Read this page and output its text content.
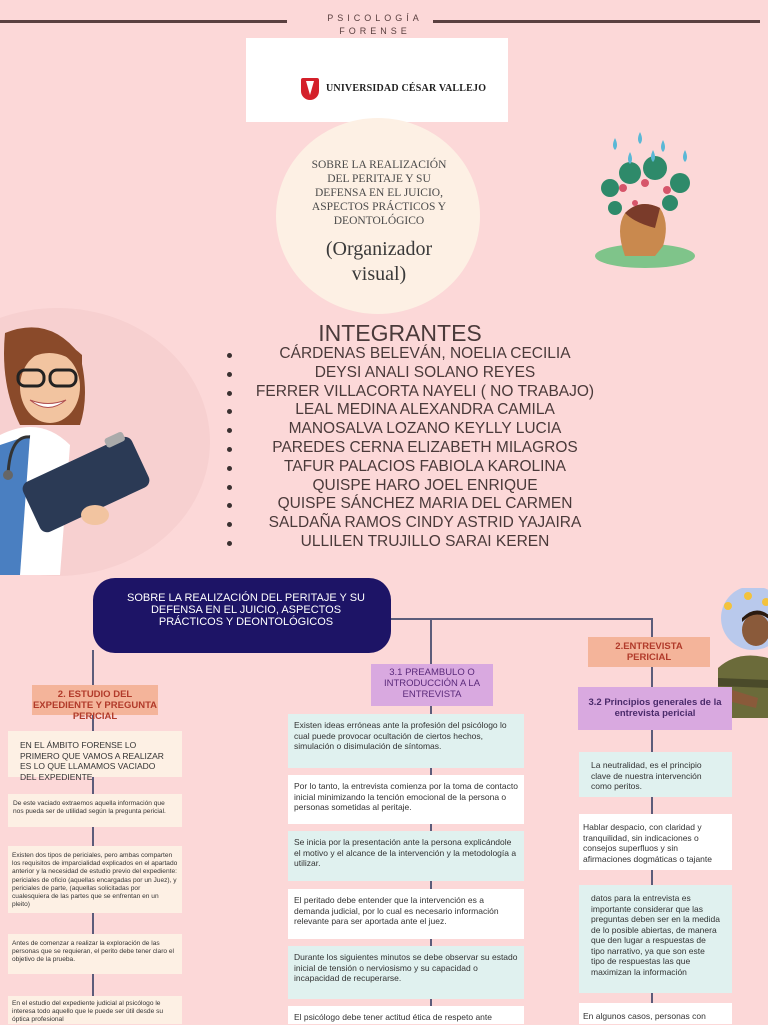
PSICOLOGÍA FORENSE
UNIVERSIDAD CÉSAR VALLEJO
SOBRE LA REALIZACIÓN DEL PERITAJE Y SU DEFENSA EN EL JUICIO, ASPECTOS PRÁCTICOS Y DEONTOLÓGICO
(Organizador visual)
INTEGRANTES
CÁRDENAS BELEVÁN, NOELIA CECILIA
DEYSI ANALI SOLANO REYES
FERRER VILLACORTA NAYELI ( NO TRABAJO)
LEAL MEDINA ALEXANDRA CAMILA
MANOSALVA LOZANO KEYLLY LUCIA
PAREDES CERNA ELIZABETH MILAGROS
TAFUR PALACIOS FABIOLA KAROLINA
QUISPE HARO JOEL ENRIQUE
QUISPE SÁNCHEZ MARIA DEL CARMEN
SALDAÑA RAMOS CINDY ASTRID YAJAIRA
ULLILEN TRUJILLO SARAI KEREN
SOBRE LA REALIZACIÓN DEL PERITAJE Y SU DEFENSA EN EL JUICIO, ASPECTOS PRÁCTICOS Y DEONTOLÓGICOS
2. ESTUDIO DEL EXPEDIENTE Y PREGUNTA PERICIAL
EN EL ÁMBITO FORENSE LO PRIMERO QUE VAMOS A REALIZAR ES LO QUE LLAMAMOS VACIADO DEL EXPEDIENTE
De este vaciado extraemos aquella información que nos pueda ser de utilidad según la pregunta pericial.
Existen dos tipos de periciales, pero ambas comparten los requisitos de imparcialidad explicados en el apartado anterior y la necesidad de estudio previo del expediente: periciales de oficio (aquellas encargadas por un Juez), y periciales de parte, (aquellas solicitadas por cualesquiera de las partes que se enfrentan en un pleito)
Antes de comenzar a realizar la exploración de las personas que se requieran, el perito debe tener claro el objetivo de la prueba.
En el estudio del expediente judicial al psicólogo le interesa todo aquello que le puede ser útil desde su óptica profesional
3.1 PREAMBULO O INTRODUCCIÓN A LA ENTREVISTA
Existen ideas erróneas ante la profesión del psicólogo lo cual puede provocar ocultación de ciertos hechos, simulación o disimulación de síntomas.
Por lo tanto, la entrevista comienza por la toma de contacto inicial minimizando la tención emocional de la persona o personas sometidas al peritaje.
Se inicia por la presentación ante la persona explicándole el motivo y el alcance de la intervención y la metodología a utilizar.
El peritado debe entender que la intervención es a demanda judicial, por lo cual es necesario información relevante para ser aportada ante el juez.
Durante los siguientes minutos se debe observar su estado inicial de tensión o nerviosismo y su capacidad o incapacidad de recuperarse.
El psicólogo debe tener actitud ética de respeto ante
2.ENTREVISTA PERICIAL
3.2 Principios generales de la entrevista pericial
La neutralidad, es el principio clave de nuestra intervención como peritos.
Hablar despacio, con claridad y tranquilidad, sin indicaciones o consejos superfluos y sin afirmaciones dogmáticas o tajante
datos para la entrevista es importante considerar que las preguntas deben ser en la medida de lo posible abiertas, de manera que den lugar a respuestas de tipo narrativo, ya que son este tipo de respuestas las que maximizan la información
En algunos casos, personas con
